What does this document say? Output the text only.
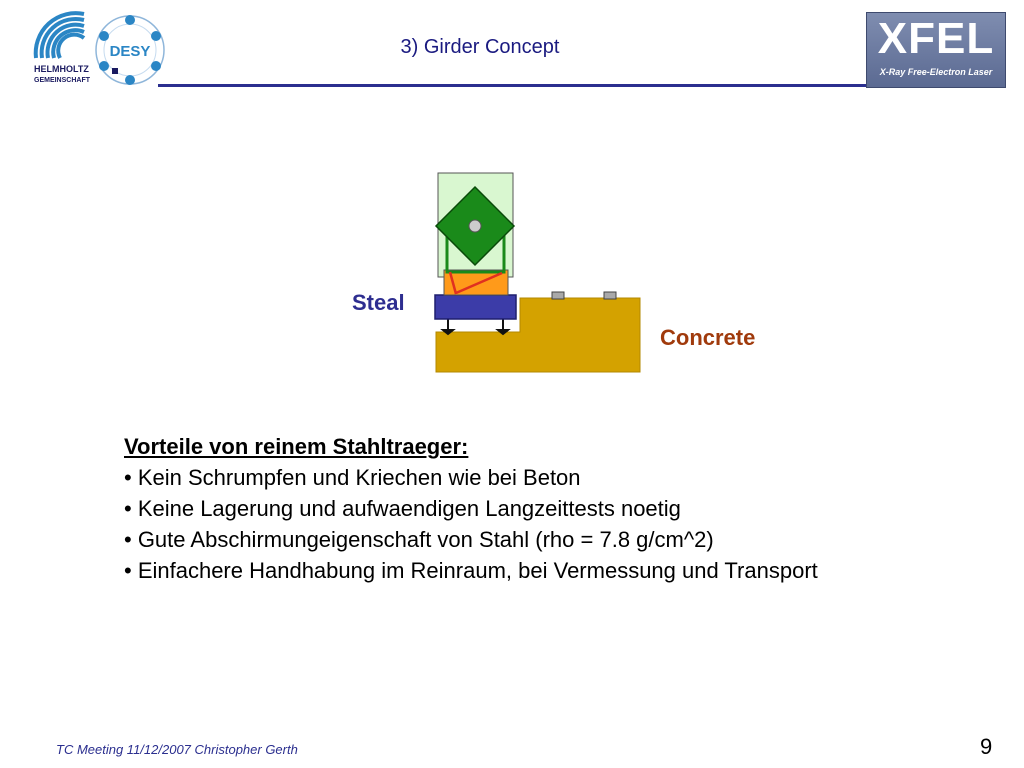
HELMHOLTZ
GEMEINSCHAFT
DESY	3) Girder Concept	XFEL
X-Ray Free-Electron Laser
Steal
Concrete
Vorteile von reinem Stahltraeger:
• Kein Schrumpfen und Kriechen wie bei Beton
• Keine Lagerung und aufwaendigen Langzeittests noetig
• Gute Abschirmungeigenschaft von Stahl (rho = 7.8 g/cm^2)
• Einfachere Handhabung im Reinraum, bei Vermessung und Transport
TC Meeting 11/12/2007 Christopher Gerth	9
